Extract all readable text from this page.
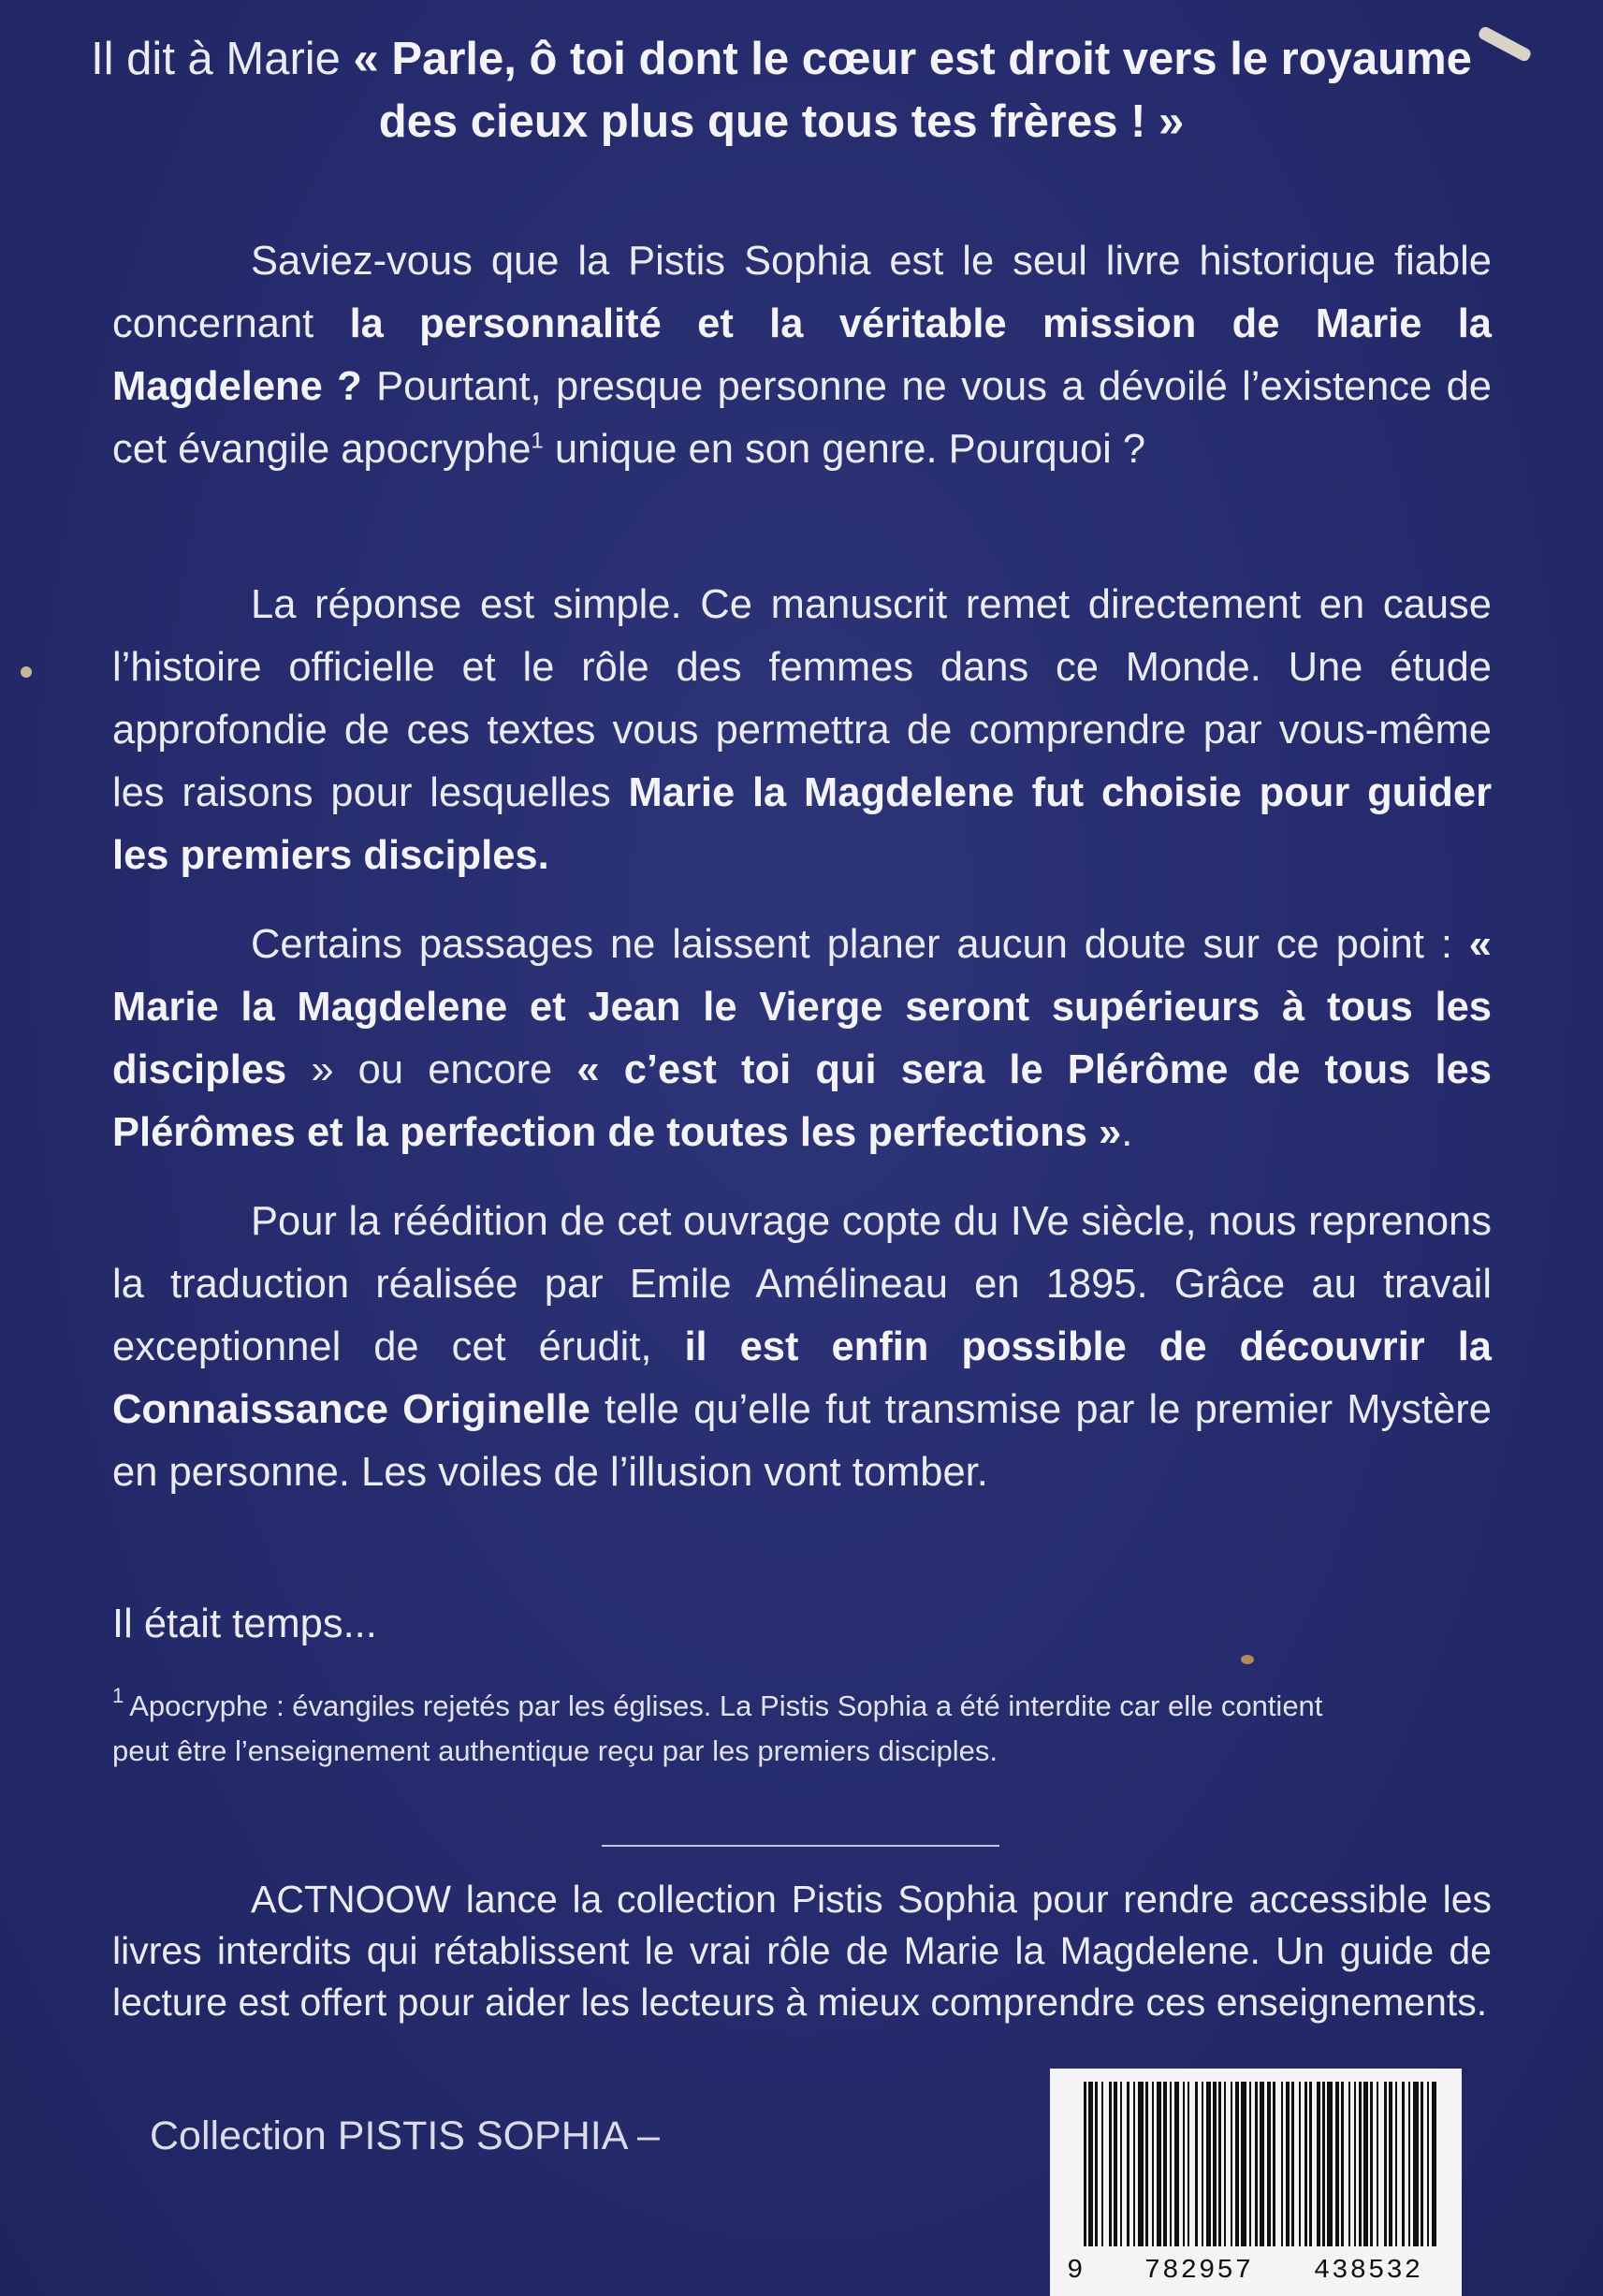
Il dit à Marie « Parle, ô toi dont le cœur est droit vers le royaume des cieux plus que tous tes frères ! »

Saviez-vous que la Pistis Sophia est le seul livre historique fiable concernant la personnalité et la véritable mission de Marie la Magdelene ? Pourtant, presque personne ne vous a dévoilé l’existence de cet évangile apocryphe$^1$ unique en son genre. Pourquoi ?

La réponse est simple. Ce manuscrit remet directement en cause l’histoire officielle et le rôle des femmes dans ce Monde. Une étude approfondie de ces textes vous permettra de comprendre par vous-même les raisons pour lesquelles Marie la Magdelene fut choisie pour guider les premiers disciples.

Certains passages ne laissent planer aucun doute sur ce point : « Marie la Magdelene et Jean le Vierge seront supérieurs à tous les disciples » ou encore « c’est toi qui sera le Plérôme de tous les Plérômes et la perfection de toutes les perfections ».

Pour la réédition de cet ouvrage copte du IVe siècle, nous reprenons la traduction réalisée par Emile Amélineau en 1895. Grâce au travail exceptionnel de cet érudit, il est enfin possible de découvrir la Connaissance Originelle telle qu’elle fut transmise par le premier Mystère en personne. Les voiles de l’illusion vont tomber.

Il était temps...

$^1$ Apocryphe : évangiles rejetés par les églises. La Pistis Sophia a été interdite car elle contient peut être l’enseignement authentique reçu par les premiers disciples.

ACTNOOW lance la collection Pistis Sophia pour rendre accessible les livres interdits qui rétablissent le vrai rôle de Marie la Magdelene. Un guide de lecture est offert pour aider les lecteurs à mieux comprendre ces enseignements.

Collection PISTIS SOPHIA –

9	782957	438532
